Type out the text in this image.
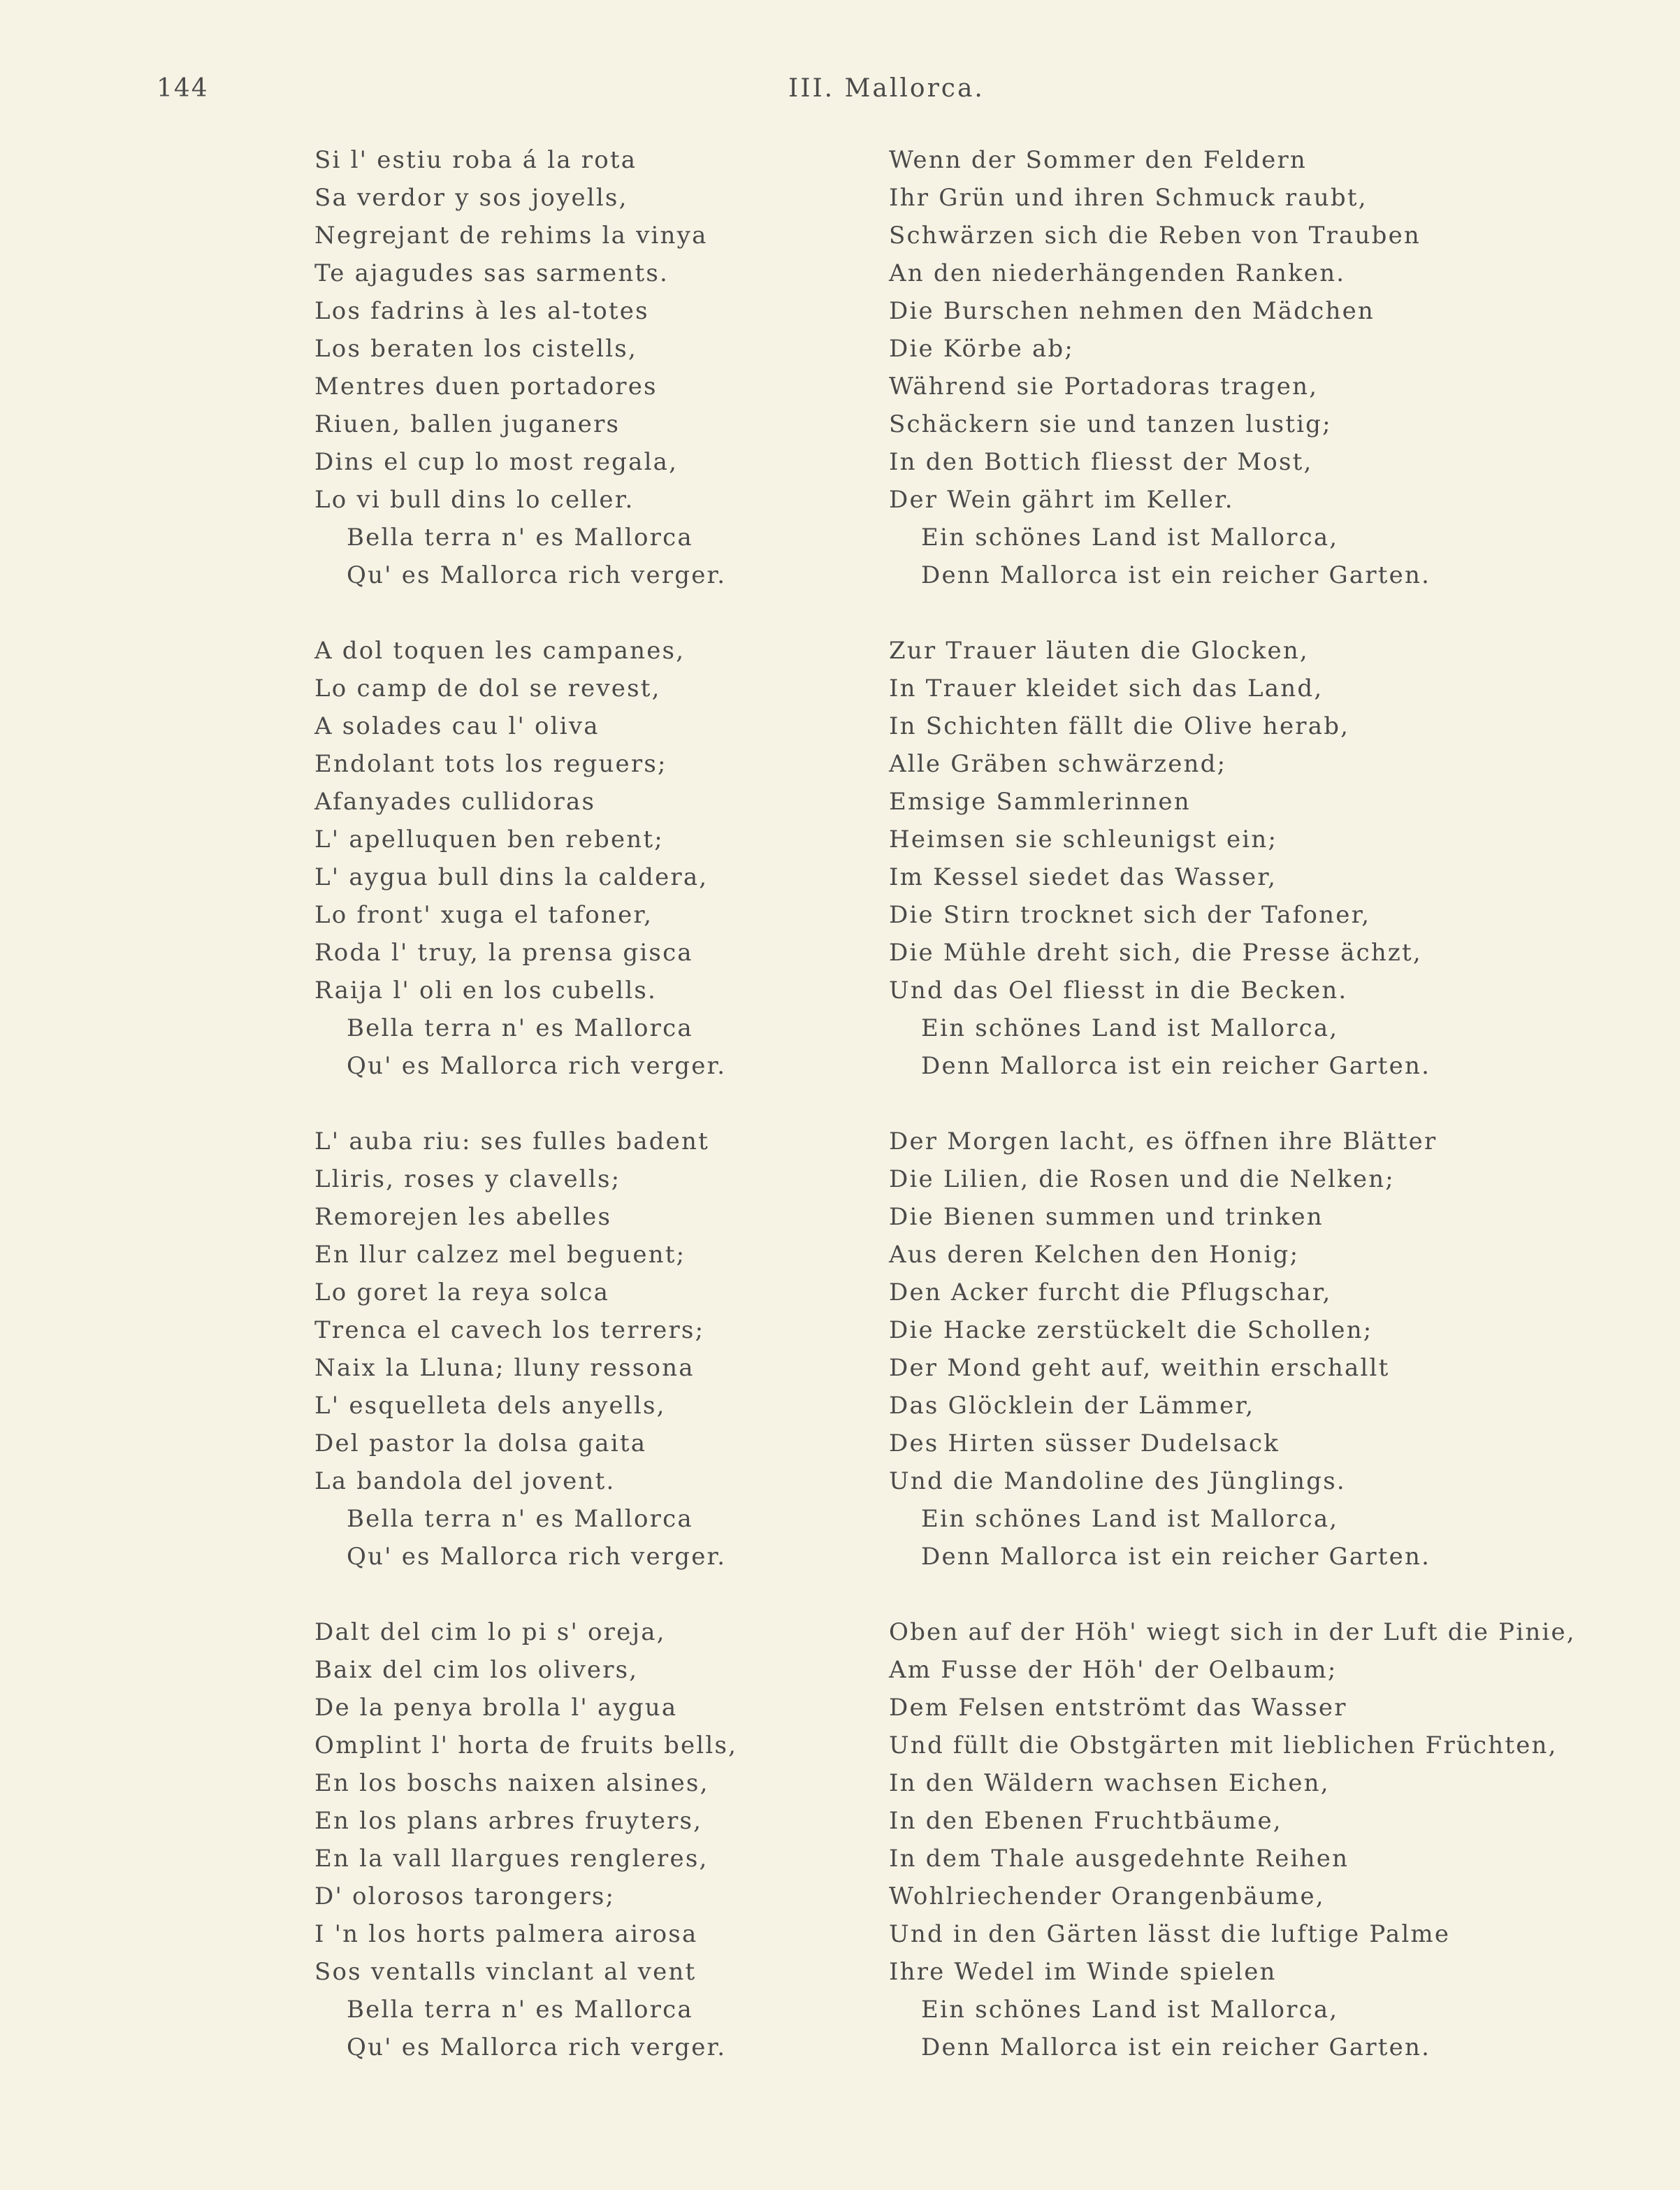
144	III. Mallorca.
Si l' estiu roba á la rota
Sa verdor y sos joyells,
Negrejant de rehims la vinya
Te ajagudes sas sarments.
Los fadrins à les al-totes
Los beraten los cistells,
Mentres duen portadores
Riuen, ballen juganers
Dins el cup lo most regala,
Lo vi bull dins lo celler.
Bella terra n' es Mallorca
Qu' es Mallorca rich verger.
A dol toquen les campanes,
Lo camp de dol se revest,
A solades cau l' oliva
Endolant tots los reguers;
Afanyades cullidoras
L' apelluquen ben rebent;
L' aygua bull dins la caldera,
Lo front' xuga el tafoner,
Roda l' truy, la prensa gisca
Raija l' oli en los cubells.
Bella terra n' es Mallorca
Qu' es Mallorca rich verger.
L' auba riu: ses fulles badent
Lliris, roses y clavells;
Remorejen les abelles
En llur calzez mel beguent;
Lo goret la reya solca
Trenca el cavech los terrers;
Naix la Lluna; lluny ressona
L' esquelleta dels anyells,
Del pastor la dolsa gaita
La bandola del jovent.
Bella terra n' es Mallorca
Qu' es Mallorca rich verger.
Dalt del cim lo pi s' oreja,
Baix del cim los olivers,
De la penya brolla l' aygua
Omplint l' horta de fruits bells,
En los boschs naixen alsines,
En los plans arbres fruyters,
En la vall llargues rengleres,
D' olorosos tarongers;
I 'n los horts palmera airosa
Sos ventalls vinclant al vent
Bella terra n' es Mallorca
Qu' es Mallorca rich verger.
Wenn der Sommer den Feldern
Ihr Grün und ihren Schmuck raubt,
Schwärzen sich die Reben von Trauben
An den niederhängenden Ranken.
Die Burschen nehmen den Mädchen
Die Körbe ab;
Während sie Portadoras tragen,
Schäckern sie und tanzen lustig;
In den Bottich fliesst der Most,
Der Wein gährt im Keller.
Ein schönes Land ist Mallorca,
Denn Mallorca ist ein reicher Garten.
Zur Trauer läuten die Glocken,
In Trauer kleidet sich das Land,
In Schichten fällt die Olive herab,
Alle Gräben schwärzend;
Emsige Sammlerinnen
Heimsen sie schleunigst ein;
Im Kessel siedet das Wasser,
Die Stirn trocknet sich der Tafoner,
Die Mühle dreht sich, die Presse ächzt,
Und das Oel fliesst in die Becken.
Ein schönes Land ist Mallorca,
Denn Mallorca ist ein reicher Garten.
Der Morgen lacht, es öffnen ihre Blätter
Die Lilien, die Rosen und die Nelken;
Die Bienen summen und trinken
Aus deren Kelchen den Honig;
Den Acker furcht die Pflugschar,
Die Hacke zerstückelt die Schollen;
Der Mond geht auf, weithin erschallt
Das Glöcklein der Lämmer,
Des Hirten süsser Dudelsack
Und die Mandoline des Jünglings.
Ein schönes Land ist Mallorca,
Denn Mallorca ist ein reicher Garten.
Oben auf der Höh' wiegt sich in der Luft die Pinie,
Am Fusse der Höh' der Oelbaum;
Dem Felsen entströmt das Wasser
Und füllt die Obstgärten mit lieblichen Früchten,
In den Wäldern wachsen Eichen,
In den Ebenen Fruchtbäume,
In dem Thale ausgedehnte Reihen
Wohlriechender Orangenbäume,
Und in den Gärten lässt die luftige Palme
Ihre Wedel im Winde spielen
Ein schönes Land ist Mallorca,
Denn Mallorca ist ein reicher Garten.
